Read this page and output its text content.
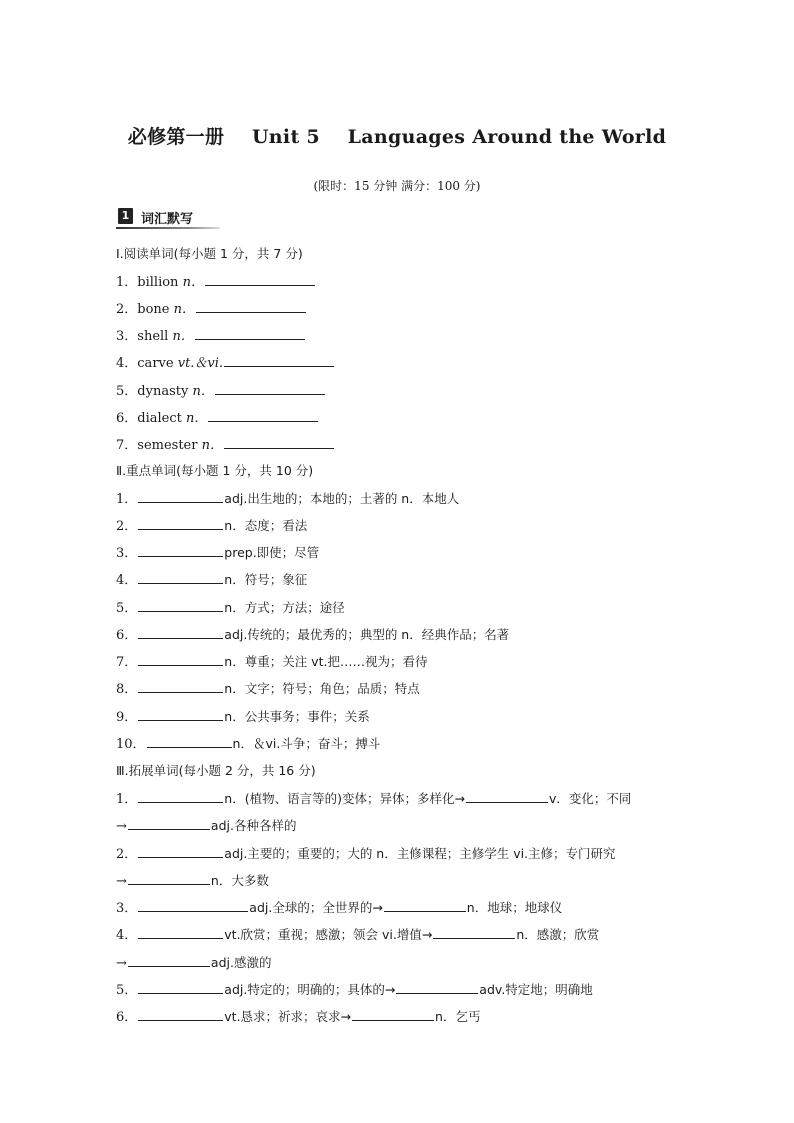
必修第一册    Unit 5    Languages Around the World
(限时：15 分钟 满分：100 分)
1 词汇默写
Ⅰ.阅读单词(每小题 1 分，共 7 分)
1．billion n．
2．bone n．
3．shell n．
4．carve vt.＆vi.
5．dynasty n．
6．dialect n．
7．semester n．
Ⅱ.重点单词(每小题 1 分，共 10 分)
1．	adj.出生地的；本地的；土著的 n．本地人
2．	n．态度；看法
3．	prep.即使；尽管
4．	n．符号；象征
5．	n．方式；方法；途径
6．	adj.传统的；最优秀的；典型的 n．经典作品；名著
7．	n．尊重；关注 vt.把……视为；看待
8．	n．文字；符号；角色；品质；特点
9．	n．公共事务；事件；关系
10．	n．＆vi.斗争；奋斗；搏斗
Ⅲ.拓展单词(每小题 2 分，共 16 分)
1．	n．(植物、语言等的)变体；异体；多样化→	v．变化；不同
→	adj.各种各样的
2．	adj.主要的；重要的；大的 n．主修课程；主修学生 vi.主修；专门研究
→	n．大多数
3．	adj.全球的；全世界的→	n．地球；地球仪
4．	vt.欣赏；重视；感激；领会 vi.增值→	n．感激；欣赏
→	adj.感激的
5．	adj.特定的；明确的；具体的→	adv.特定地；明确地
6．	vt.恳求；祈求；哀求→	n．乞丐
